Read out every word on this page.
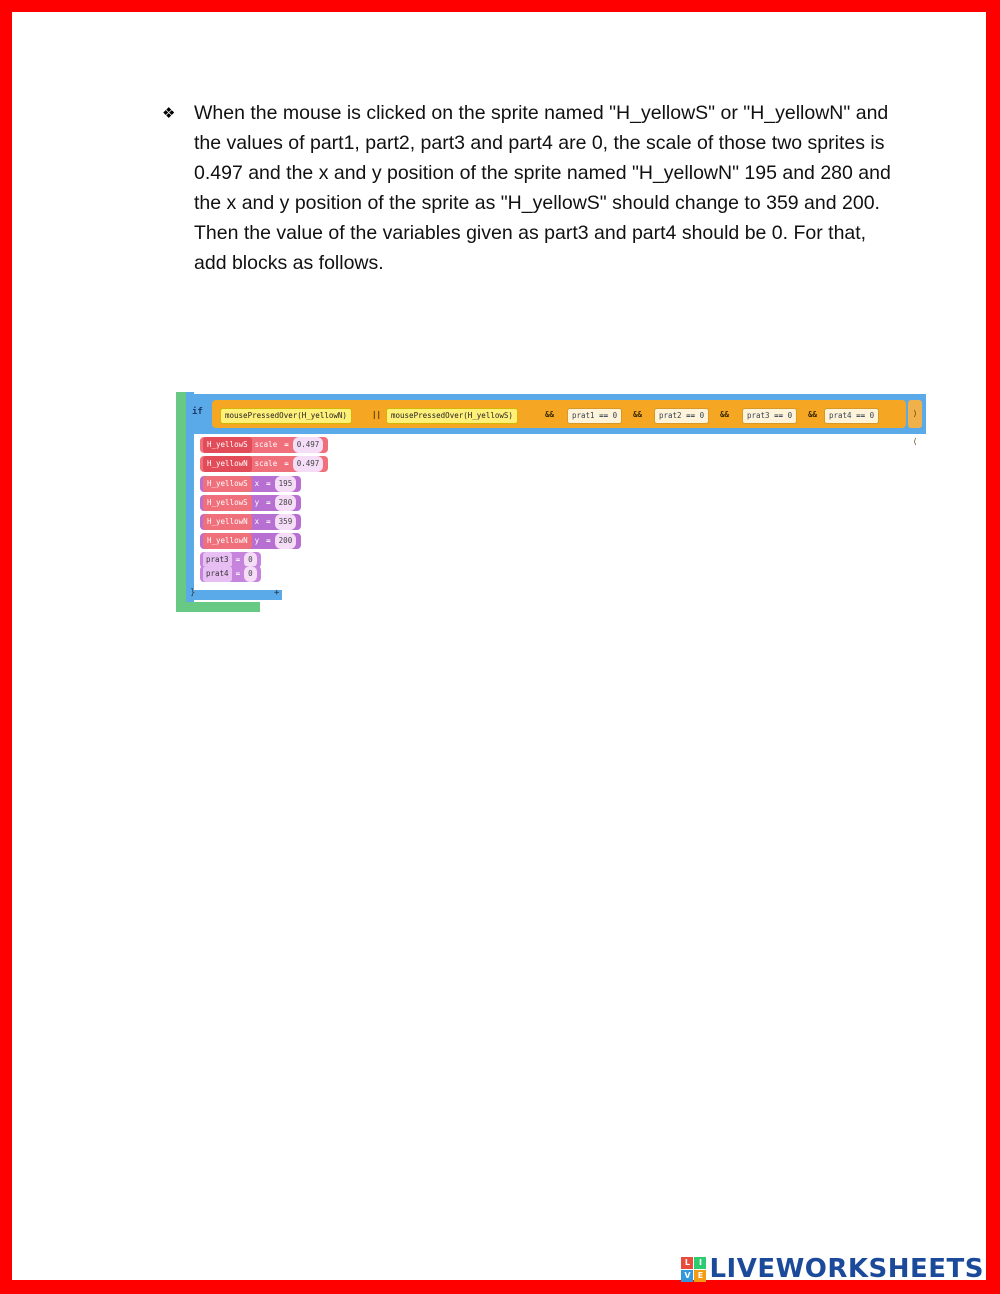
❖ When the mouse is clicked on the sprite named "H_yellowS" or "H_yellowN" and the values of part1, part2, part3 and part4 are 0, the scale of those two sprites is 0.497 and the x and y position of the sprite named "H_yellowN" 195 and 280 and the x and y position of the sprite as "H_yellowS" should change to 359 and 200. Then the value of the variables given as part3 and part4 should be 0. For that, add blocks as follows.
}	+
if	⟩ ⟨
mousePressedOver(H_yellowN)	||	mousePressedOver(H_yellowS)	&&	prat1 == 0	&&	prat2 == 0	&&	prat3 == 0	&&	prat4 == 0
H_yellowS scale = 0.497
H_yellowN scale = 0.497
H_yellowS x = 195
H_yellowS y = 280
H_yellowN x = 359
H_yellowN y = 200
prat3 = 0
prat4 = 0
L	I
V E LIVEWORKSHEETS
